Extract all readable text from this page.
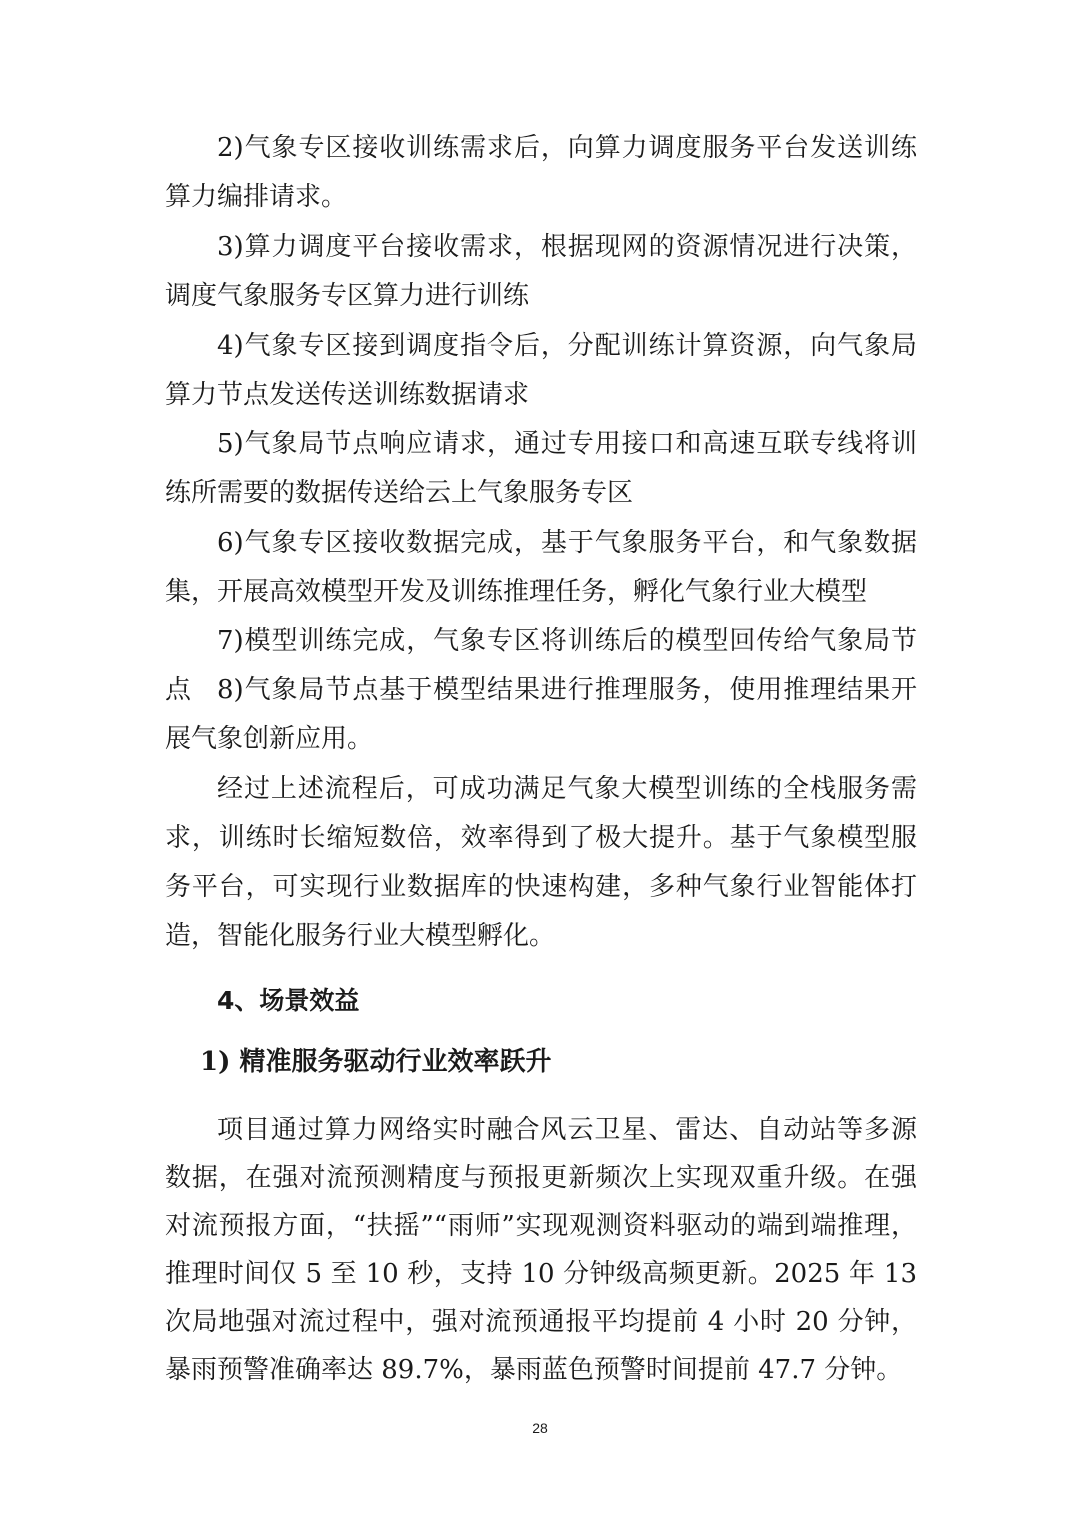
2)气象专区接收训练需求后，向算力调度服务平台发送训练算力编排请求。

3)算力调度平台接收需求，根据现网的资源情况进行决策，调度气象服务专区算力进行训练

4)气象专区接到调度指令后，分配训练计算资源，向气象局算力节点发送传送训练数据请求

5)气象局节点响应请求，通过专用接口和高速互联专线将训练所需要的数据传送给云上气象服务专区

6)气象专区接收数据完成，基于气象服务平台，和气象数据集，开展高效模型开发及训练推理任务，孵化气象行业大模型

7)模型训练完成，气象专区将训练后的模型回传给气象局节点 8)气象局节点基于模型结果进行推理服务，使用推理结果开展气象创新应用。

经过上述流程后，可成功满足气象大模型训练的全栈服务需求，训练时长缩短数倍，效率得到了极大提升。基于气象模型服务平台，可实现行业数据库的快速构建，多种气象行业智能体打造，智能化服务行业大模型孵化。

4、场景效益
1) 精准服务驱动行业效率跃升

项目通过算力网络实时融合风云卫星、雷达、自动站等多源数据，在强对流预测精度与预报更新频次上实现双重升级。在强对流预报方面，“扶摇”“雨师”实现观测资料驱动的端到端推理，推理时间仅 5 至 10 秒，支持 10 分钟级高频更新。2025 年 13 次局地强对流过程中，强对流预通报平均提前 4 小时 20 分钟，暴雨预警准确率达 89.7%，暴雨蓝色预警时间提前 47.7 分钟。

28
